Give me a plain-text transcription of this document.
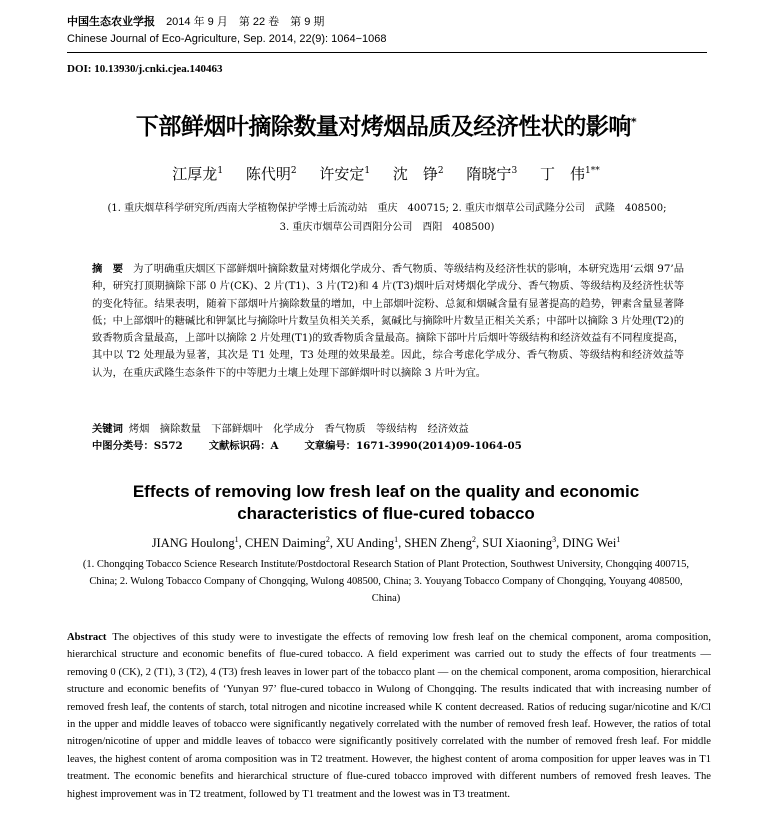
中国生态农业学报 2014 年 9 月　第 22 卷　第 9 期
Chinese Journal of Eco-Agriculture, Sep. 2014, 22(9): 1064−1068
DOI: 10.13930/j.cnki.cjea.140463
下部鲜烟叶摘除数量对烤烟品质及经济性状的影响*
江厚龙$^1$ 陈代明$^2$ 许安定$^1$ 沈　铮$^2$ 隋晓宁$^3$ 丁　伟$^{1**}$
(1. 重庆烟草科学研究所/西南大学植物保护学博士后流动站　重庆　400715; 2. 重庆市烟草公司武隆分公司　武隆　408500;
3. 重庆市烟草公司酉阳分公司　酉阳　408500)
摘　要 为了明确重庆烟区下部鲜烟叶摘除数量对烤烟化学成分、香气物质、等级结构及经济性状的影响，本研究选用‘云烟 97’品种，研究打顶期摘除下部 0 片(CK)、2 片(T1)、3 片(T2)和 4 片(T3)烟叶后对烤烟化学成分、香气物质、等级结构及经济性状等的变化特征。结果表明，随着下部烟叶片摘除数量的增加，中上部烟叶淀粉、总氮和烟碱含量有显著提高的趋势，钾素含量显著降低；中上部烟叶的糖碱比和钾氯比与摘除叶片数呈负相关关系，氮碱比与摘除叶片数呈正相关关系；中部叶以摘除 3 片处理(T2)的致香物质含量最高，上部叶以摘除 2 片处理(T1)的致香物质含量最高。摘除下部叶片后烟叶等级结构和经济效益有不同程度提高，其中以 T2 处理最为显著，其次是 T1 处理，T3 处理的效果最差。因此，综合考虑化学成分、香气物质、等级结构和经济效益等认为，在重庆武隆生态条件下的中等肥力土壤上处理下部鲜烟叶时以摘除 3 片叶为宜。
关键词 烤烟　 摘除数量　 下部鲜烟叶　 化学成分　 香气物质　 等级结构　 经济效益
中图分类号：S572	文献标识码：A	文章编号：1671-3990(2014)09-1064-05
Effects of removing low fresh leaf on the quality and economic
characteristics of flue-cured tobacco
JIANG Houlong$^1$, CHEN Daiming$^2$, XU Anding$^1$, SHEN Zheng$^2$, SUI Xiaoning$^3$, DING Wei$^1$
(1. Chongqing Tobacco Science Research Institute/Postdoctoral Research Station of Plant Protection, Southwest University, Chongqing 400715, China; 2. Wulong Tobacco Company of Chongqing, Wulong 408500, China; 3. Youyang Tobacco Company of Chongqing, Youyang 408500, China)
Abstract The objectives of this study were to investigate the effects of removing low fresh leaf on the chemical component, aroma composition, hierarchical structure and economic benefits of flue-cured tobacco. A field experiment was carried out to study the effects of four treatments — removing 0 (CK), 2 (T1), 3 (T2), 4 (T3) fresh leaves in lower part of the tobacco plant — on the chemical component, aroma composition, hierarchical structure and economic benefits of ‘Yunyan 97’ flue-cured tobacco in Wulong of Chongqing. The results indicated that with increasing number of removed fresh leaf, the contents of starch, total nitrogen and nicotine increased while K content decreased. Ratios of reducing sugar/nicotine and K/Cl in the upper and middle leaves of tobacco were significantly negatively correlated with the number of removed fresh leaf. However, the ratios of total nitrogen/nicotine of upper and middle leaves of tobacco were significantly positively correlated with the number of removed fresh leaf. For middle leaves, the highest content of aroma composition was in T2 treatment. However, the highest content of aroma composition for upper leaves was in T1 treatment. The economic benefits and hierarchical structure of flue-cured tobacco improved with different numbers of removed fresh leaves. The highest improvement was in T2 treatment, followed by T1 treatment and the lowest was in T3 treatment.
